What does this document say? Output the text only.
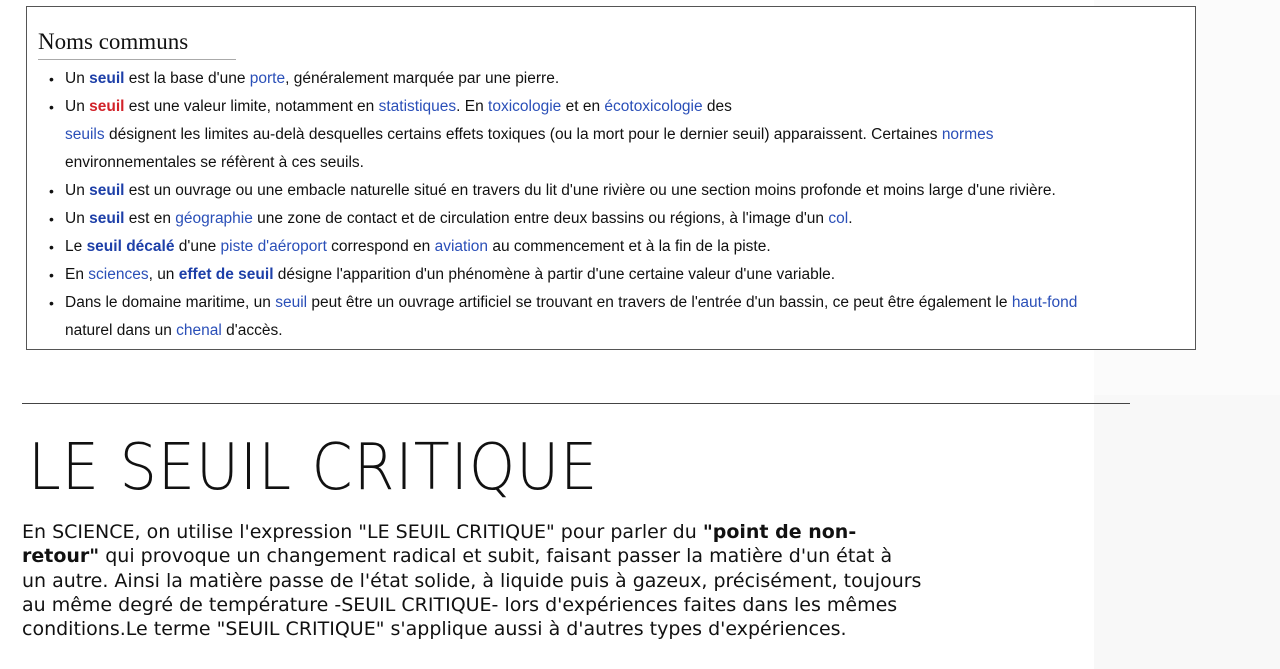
Noms communs
• Un seuil est la base d'une porte, généralement marquée par une pierre.
• Un seuil est une valeur limite, notamment en statistiques. En toxicologie et en écotoxicologie des
seuils désignent les limites au-delà desquelles certains effets toxiques (ou la mort pour le dernier seuil) apparaissent. Certaines normes
environnementales se réfèrent à ces seuils.
• Un seuil est un ouvrage ou une embacle naturelle situé en travers du lit d'une rivière ou une section moins profonde et moins large d'une rivière.
• Un seuil est en géographie une zone de contact et de circulation entre deux bassins ou régions, à l'image d'un col.
• Le seuil décalé d'une piste d'aéroport correspond en aviation au commencement et à la fin de la piste.
• En sciences, un effet de seuil désigne l'apparition d'un phénomène à partir d'une certaine valeur d'une variable.
• Dans le domaine maritime, un seuil peut être un ouvrage artificiel se trouvant en travers de l'entrée d'un bassin, ce peut être également le haut-fond
naturel dans un chenal d'accès.
LE SEUIL CRITIQUE

En SCIENCE, on utilise l'expression "LE SEUIL CRITIQUE" pour parler du "point de non-retour" qui provoque un changement radical et subit, faisant passer la matière d'un état à un autre. Ainsi la matière passe de l'état solide, à liquide puis à gazeux, précisément, toujours au même degré de température -SEUIL CRITIQUE- lors d'expériences faites dans les mêmes conditions.Le terme "SEUIL CRITIQUE" s'applique aussi à d'autres types d'expériences.
